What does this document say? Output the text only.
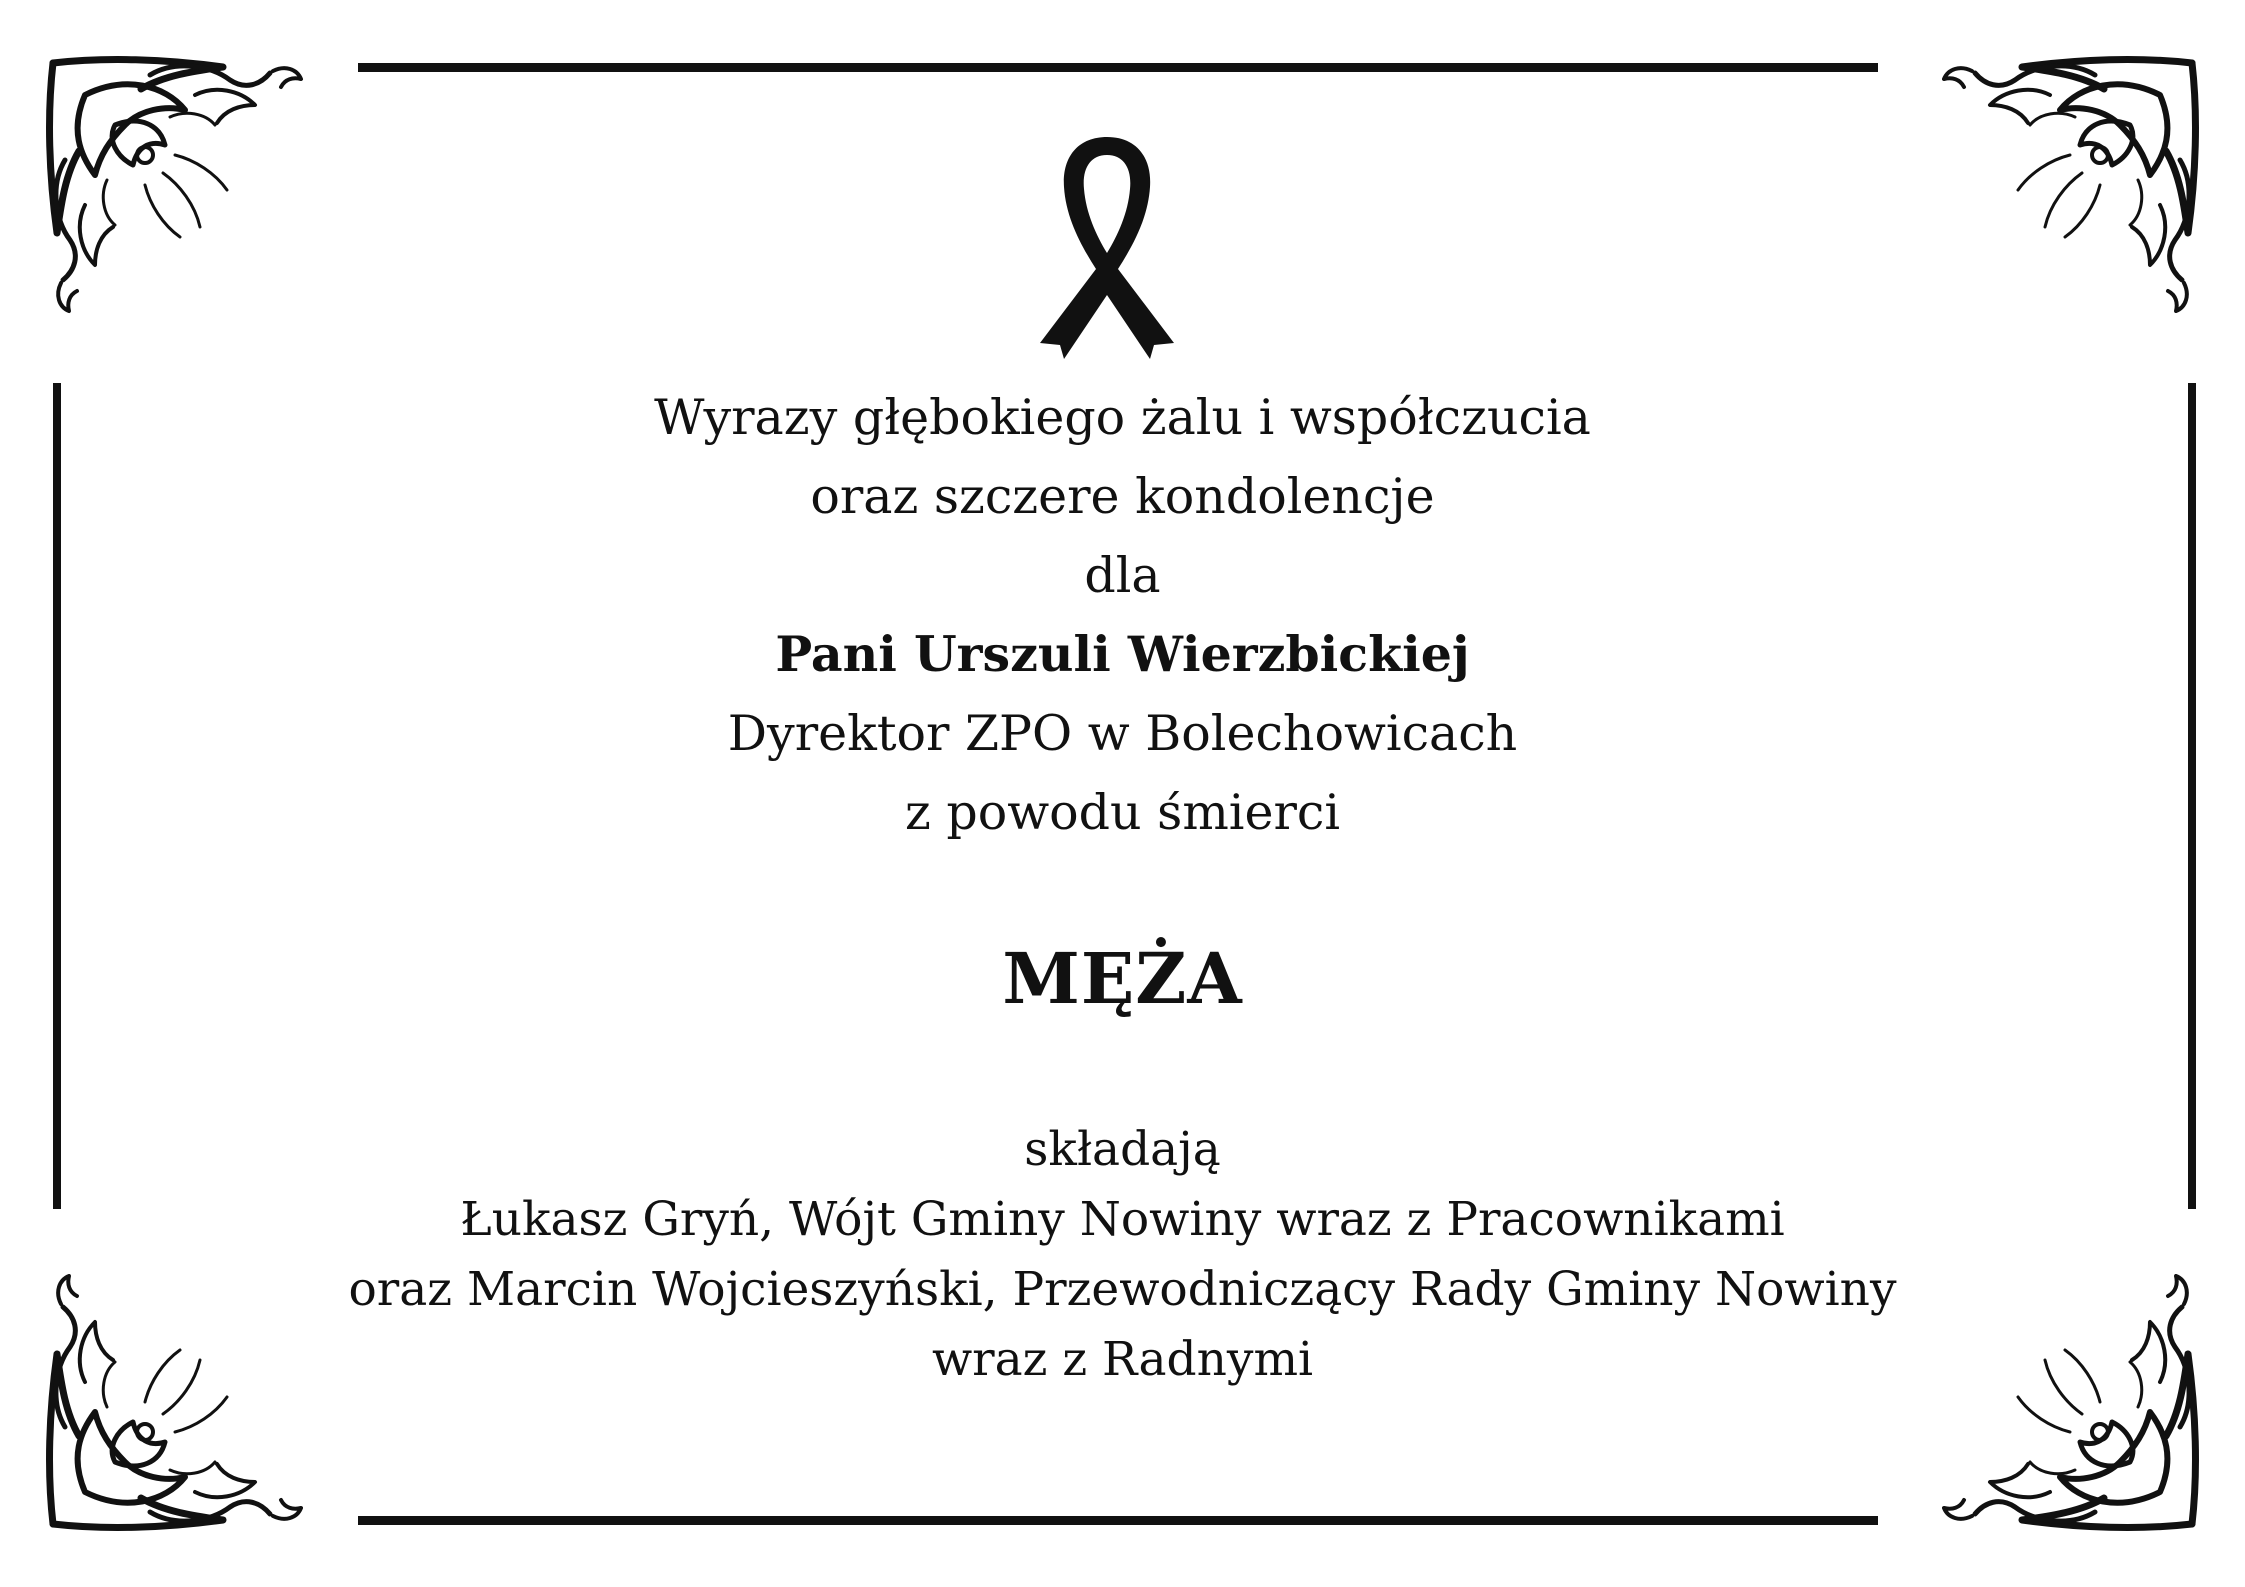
Wyrazy głębokiego żalu i współczucia
oraz szczere kondolencje
dla
Pani Urszuli Wierzbickiej
Dyrektor ZPO w Bolechowicach
z powodu śmierci
MĘŻA
składają
Łukasz Gryń, Wójt Gminy Nowiny wraz z Pracownikami
oraz Marcin Wojcieszyński, Przewodniczący Rady Gminy Nowiny
wraz z Radnymi
